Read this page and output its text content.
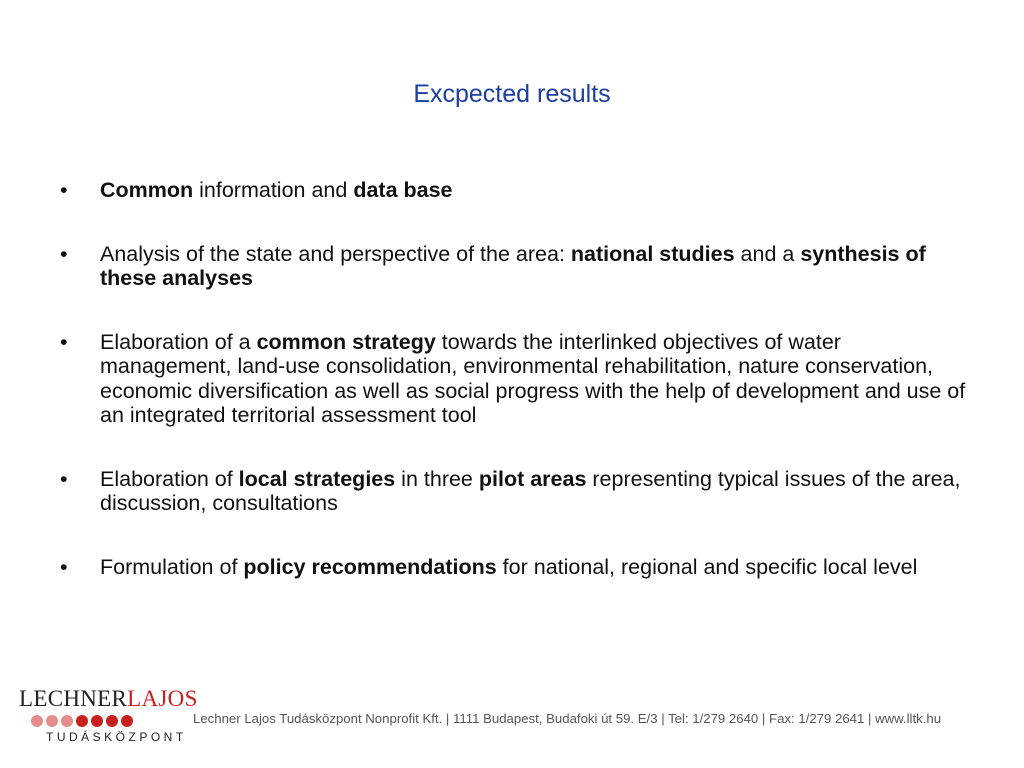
Excpected results
• Common information and data base
• Analysis of the state and perspective of the area: national studies and a synthesis of these analyses
• Elaboration of a common strategy towards the interlinked objectives of water management, land-use consolidation, environmental rehabilitation, nature conservation, economic diversification as well as social progress with the help of development and use of an integrated territorial assessment tool
• Elaboration of local strategies in three pilot areas representing typical issues of the area, discussion, consultations
• Formulation of policy recommendations for national, regional and specific local level
LECHNERLAJOS
TUDÁSKÖZPONT
Lechner Lajos Tudásközpont Nonprofit Kft. | 1111 Budapest, Budafoki út 59. E/3 | Tel: 1/279 2640 | Fax: 1/279 2641 | www.lltk.hu
